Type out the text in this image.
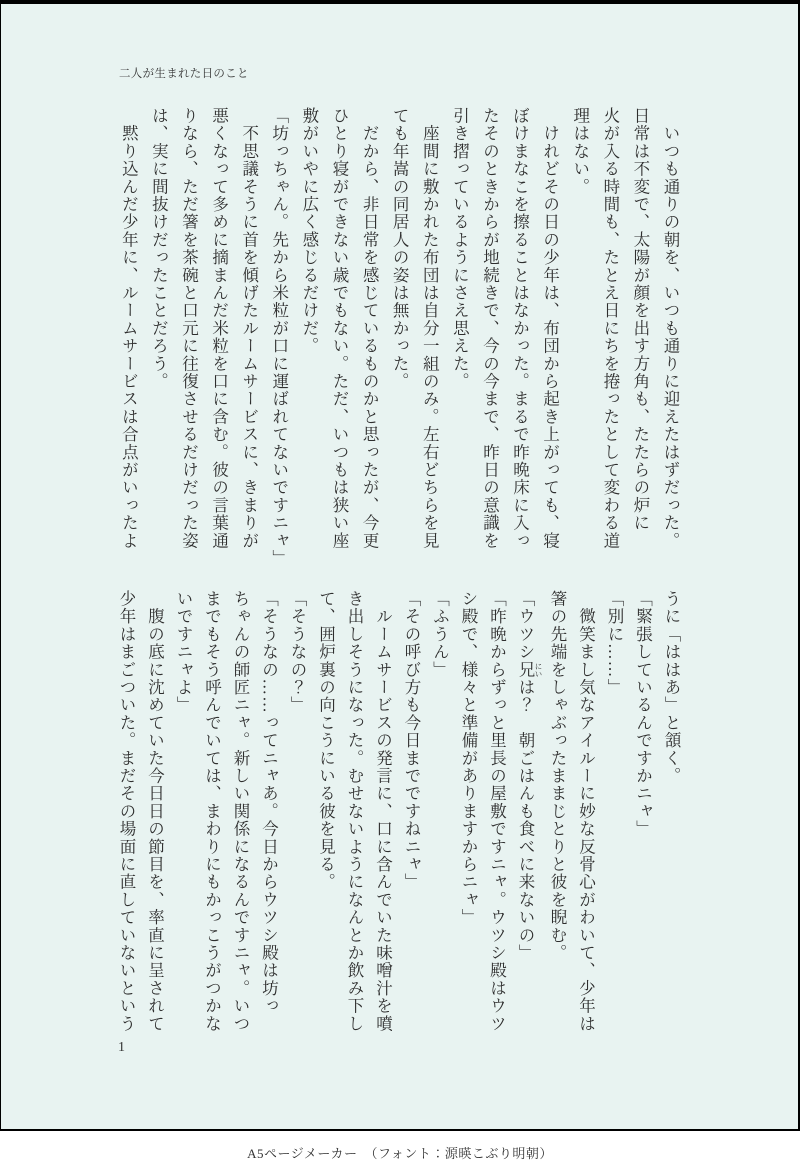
二人が生まれた日のこと
　いつも通りの朝を、いつも通りに迎えたはずだった。
日常は不変で、太陽が顔を出す方角も、たたらの炉に
火が入る時間も、たとえ日にちを捲ったとして変わる道
理はない。
　けれどその日の少年は、布団から起き上がっても、寝
ぼけまなこを擦ることはなかった。まるで昨晩床に入っ
たそのときからが地続きで、今の今まで、昨日の意識を
引き摺っているようにさえ思えた。
　座間に敷かれた布団は自分一組のみ。左右どちらを見
ても年嵩の同居人の姿は無かった。
　だから、非日常を感じているものかと思ったが、今更
ひとり寝ができない歳でもない。ただ、いつもは狭い座
敷がいやに広く感じるだけだ。
「坊っちゃん。先から米粒が口に運ばれてないですニャ」
　不思議そうに首を傾げたルームサービスに、きまりが
悪くなって多めに摘まんだ米粒を口に含む。彼の言葉通
りなら、ただ箸を茶碗と口元に往復させるだけだった姿
は、実に間抜けだったことだろう。
　黙り込んだ少年に、ルームサービスは合点がいったよ
うに「ははあ」と頷く。
「緊張しているんですかニャ」
「別に……」
　微笑まし気なアイルーに妙な反骨心がわいて、少年は
箸の先端をしゃぶったままじとりと彼を睨む。
「ウツシ兄 にいは？　朝ごはんも食べに来ないの」
「昨晩からずっと里長の屋敷ですニャ。ウツシ殿はウツ
シ殿で、様々と準備がありますからニャ」
「ふうん」
「その呼び方も今日までですねニャ」
　ルームサービスの発言に、口に含んでいた味噌汁を噴
き出しそうになった。むせないようになんとか飲み下し
て、囲炉裏の向こうにいる彼を見る。
「そうなの？」
「そうなの……ってニャあ。今日からウツシ殿は坊っ
ちゃんの師匠ニャ。新しい関係になるんですニャ。いつ
までもそう呼んでいては、まわりにもかっこうがつかな
いですニャよ」
　腹の底に沈めていた今日日の節目を、率直に呈されて
少年はまごついた。まだその場面に直していないという
1
A5ページメーカー　（フォント：源暎こぶり明朝）
